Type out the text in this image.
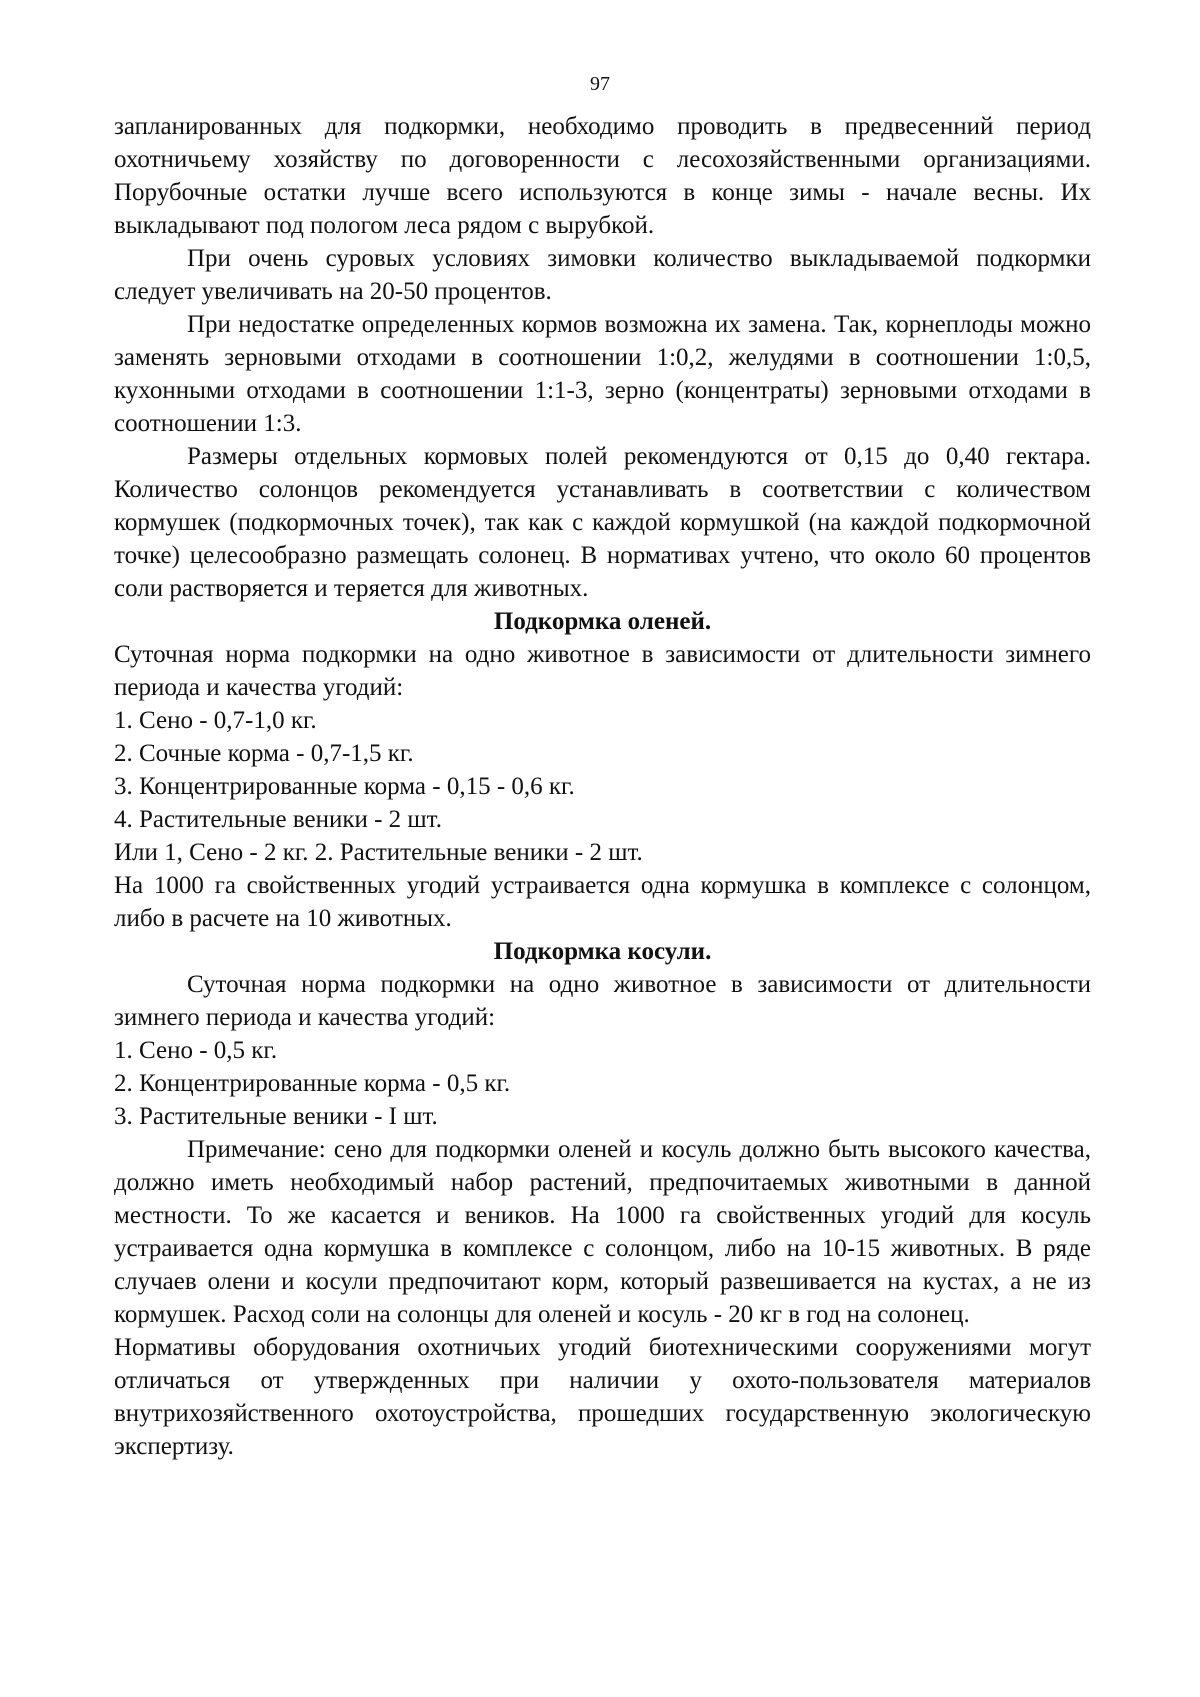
97

запланированных для подкормки, необходимо проводить в предвесенний период охотничьему хозяйству по договоренности с лесохозяйственными организациями. Порубочные остатки лучше всего используются в конце зимы - начале весны. Их выкладывают под пологом леса рядом с вырубкой.

При очень суровых условиях зимовки количество выкладываемой подкормки следует увеличивать на 20-50 процентов.

При недостатке определенных кормов возможна их замена. Так, корнеплоды можно заменять зерновыми отходами в соотношении 1:0,2, желудями в соотношении 1:0,5, кухонными отходами в соотношении 1:1-3, зерно (концентраты) зерновыми отходами в соотношении 1:3.

Размеры отдельных кормовых полей рекомендуются от 0,15 до 0,40 гектара. Количество солонцов рекомендуется устанавливать в соответствии с количеством кормушек (подкормочных точек), так как с каждой кормушкой (на каждой подкормочной точке) целесообразно размещать солонец. В нормативах учтено, что около 60 процентов соли растворяется и теряется для животных.

Подкормка оленей.

Суточная норма подкормки на одно животное в зависимости от длительности зимнего периода и качества угодий:

1. Сено - 0,7-1,0 кг.

2. Сочные корма - 0,7-1,5 кг.

3. Концентрированные корма - 0,15 - 0,6 кг.

4. Растительные веники - 2 шт.

Или 1, Сено - 2 кг. 2. Растительные веники - 2 шт.

На 1000 га свойственных угодий устраивается одна кормушка в комплексе с солонцом, либо в расчете на 10 животных.

Подкормка косули.

Суточная норма подкормки на одно животное в зависимости от длительности зимнего периода и качества угодий:

1. Сено - 0,5 кг.

2. Концентрированные корма - 0,5 кг.

3. Растительные веники - I шт.

Примечание: сено для подкормки оленей и косуль должно быть высокого качества, должно иметь необходимый набор растений, предпочитаемых животными в данной местности. То же касается и веников. На 1000 га свойственных угодий для косуль устраивается одна кормушка в комплексе с солонцом, либо на 10-15 животных. В ряде случаев олени и косули предпочитают корм, который развешивается на кустах, а не из кормушек. Расход соли на солонцы для оленей и косуль - 20 кг в год на солонец.

Нормативы оборудования охотничьих угодий биотехническими сооружениями могут отличаться от утвержденных при наличии у охото-пользователя материалов внутрихозяйственного охотоустройства, прошедших государственную экологическую экспертизу.
